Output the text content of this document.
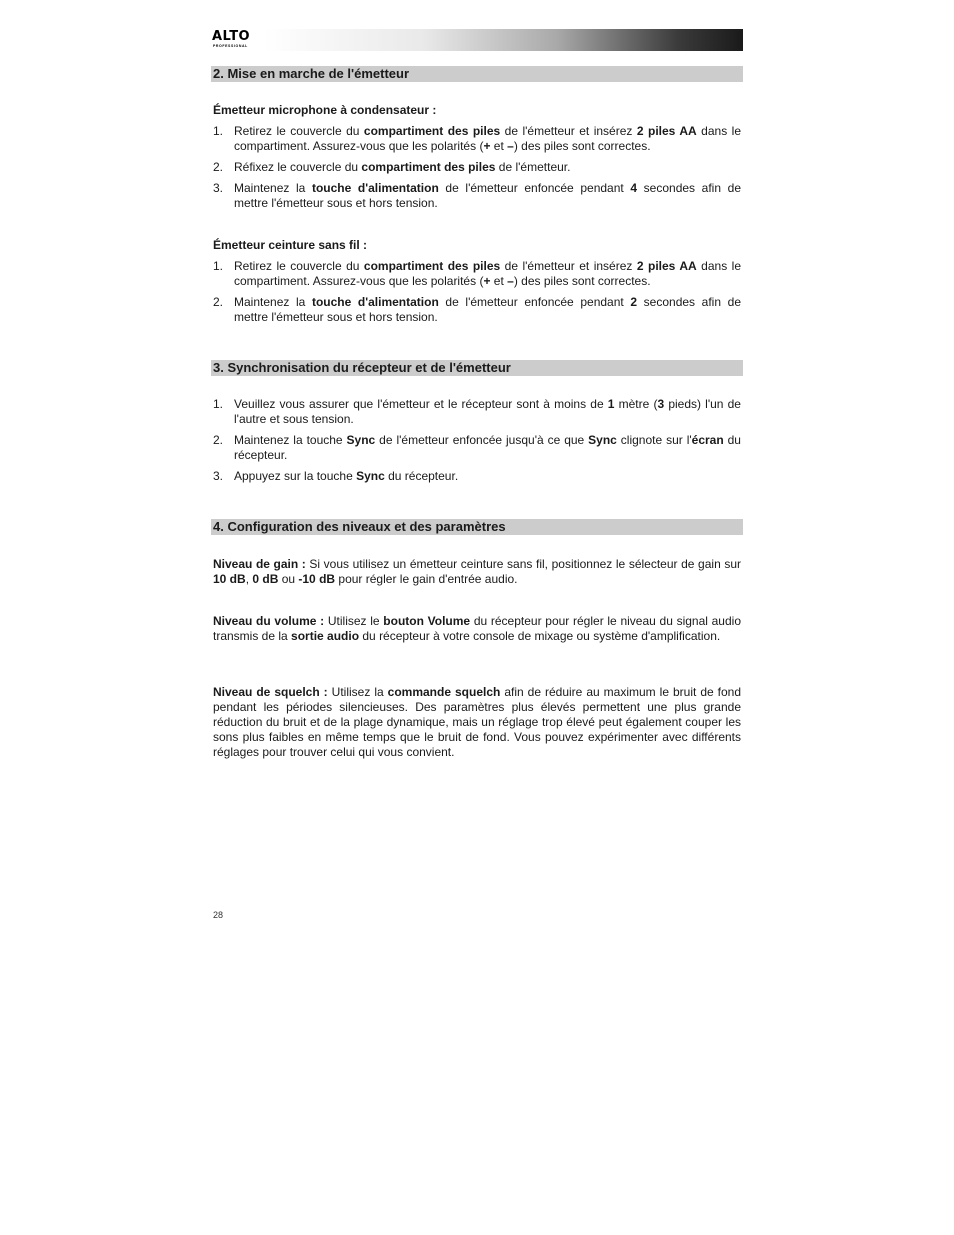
ALTO
PROFESSIONAL
2. Mise en marche de l'émetteur
Émetteur microphone à condensateur :
1. Retirez le couvercle du compartiment des piles de l'émetteur et insérez 2 piles AA dans le compartiment. Assurez-vous que les polarités (+ et –) des piles sont correctes.
2. Réfixez le couvercle du compartiment des piles de l'émetteur.
3. Maintenez la touche d'alimentation de l'émetteur enfoncée pendant 4 secondes afin de mettre l'émetteur sous et hors tension.
Émetteur ceinture sans fil :
1. Retirez le couvercle du compartiment des piles de l'émetteur et insérez 2 piles AA dans le compartiment. Assurez-vous que les polarités (+ et –) des piles sont correctes.
2. Maintenez la touche d'alimentation de l'émetteur enfoncée pendant 2 secondes afin de mettre l'émetteur sous et hors tension.
3. Synchronisation du récepteur et de l'émetteur
1. Veuillez vous assurer que l'émetteur et le récepteur sont à moins de 1 mètre (3 pieds) l'un de l'autre et sous tension.
2. Maintenez la touche Sync de l'émetteur enfoncée jusqu'à ce que Sync clignote sur l'écran du récepteur.
3. Appuyez sur la touche Sync du récepteur.
4. Configuration des niveaux et des paramètres
Niveau de gain : Si vous utilisez un émetteur ceinture sans fil, positionnez le sélecteur de gain sur 10 dB, 0 dB ou -10 dB pour régler le gain d'entrée audio.
Niveau du volume : Utilisez le bouton Volume du récepteur pour régler le niveau du signal audio transmis de la sortie audio du récepteur à votre console de mixage ou système d'amplification.
Niveau de squelch : Utilisez la commande squelch afin de réduire au maximum le bruit de fond pendant les périodes silencieuses. Des paramètres plus élevés permettent une plus grande réduction du bruit et de la plage dynamique, mais un réglage trop élevé peut également couper les sons plus faibles en même temps que le bruit de fond. Vous pouvez expérimenter avec différents réglages pour trouver celui qui vous convient.
28
